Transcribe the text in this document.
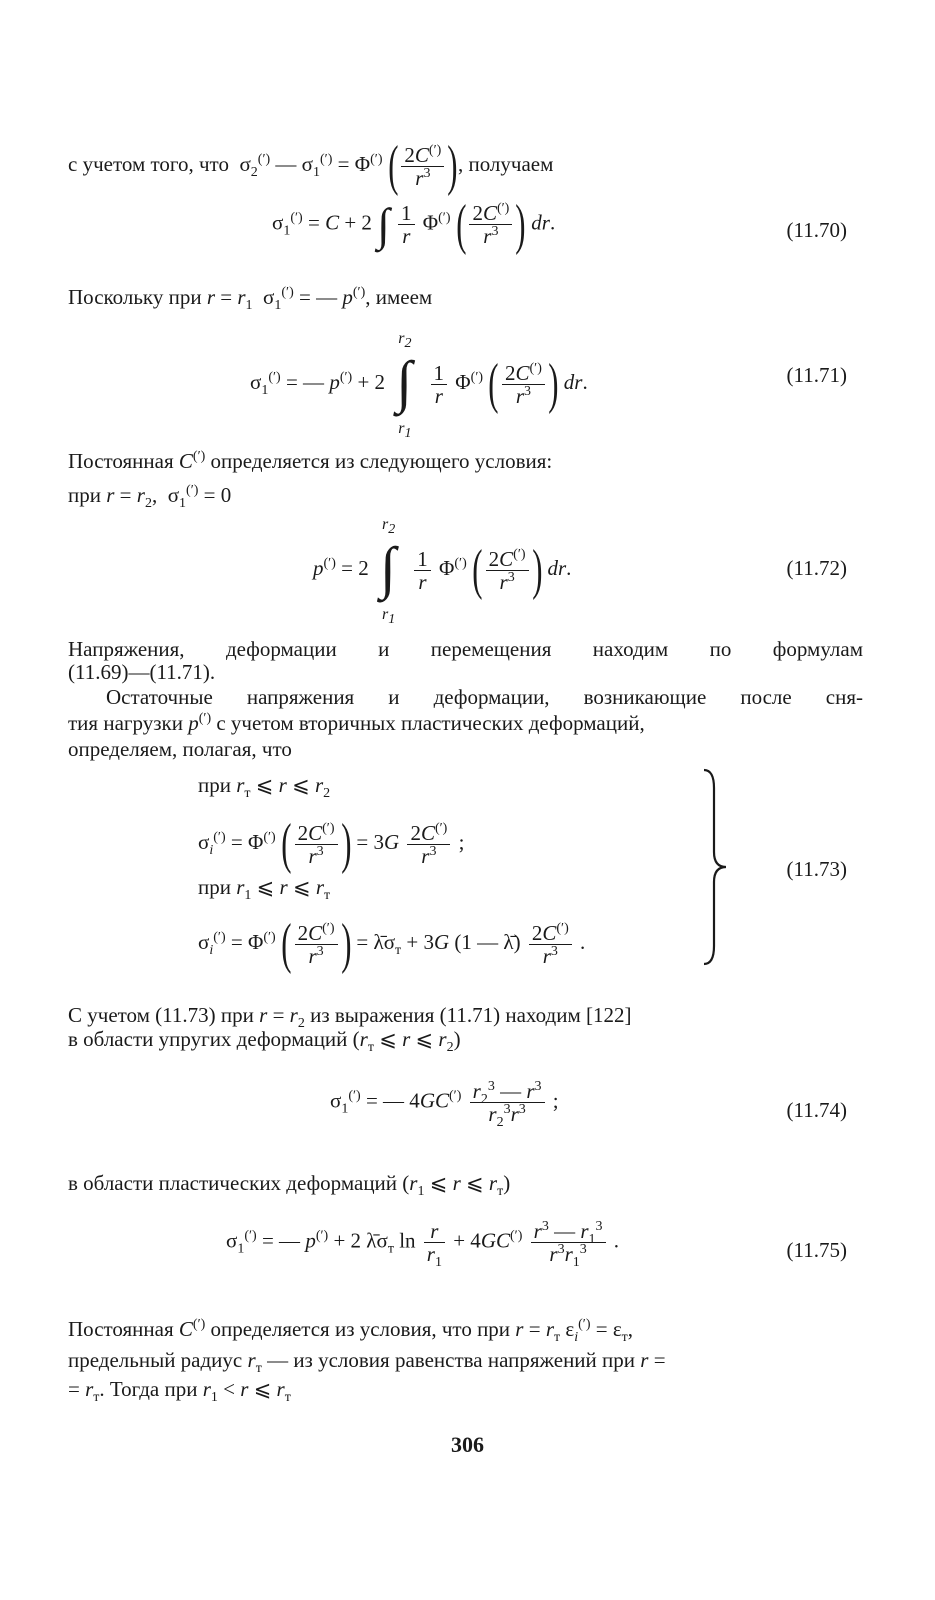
с учетом того, что  $\sigma_2^{(')}$ — $\sigma_1^{(')} = \Phi^{(')}$ ( $\frac{2C^{(')}}{r^3}$ ), получаем
$\sigma_1^{(')} = C + 2$ ∫ $\frac{1}{r} \Phi^{(')}$ ( $\frac{2C^{(')}}{r^3}$ ) dr.	(11.70)
Поскольку при $r = r_1$  $\sigma_1^{(')}$ = — p(′), имеем
$\sigma_1^{(')}$ = — p(′) + 2
$r_2$
∫
$r_1$

$\frac{1}{r} \Phi^{(')}$ ( $\frac{2C^{(')}}{r^3}$ ) dr.	(11.71)
Постоянная C(′) определяется из следующего условия:
при $r = r_2$,  $\sigma_1^{(')} = 0$
p(′) = 2
$r_2$
∫
$r_1$

$\frac{1}{r} \Phi^{(')}$ ( $\frac{2C^{(')}}{r^3}$ ) dr.	(11.72)
Напряжения, деформации и перемещения находим по формулам
(11.69)—(11.71).
Остаточные напряжения и деформации, возникающие после сня-
тия нагрузки p(′) с учетом вторичных пластических деформаций,
определяем, полагая, что
при $r_т$ ⩽ r ⩽ $r_2$
$\sigma_i^{(')} = \Phi^{(')}$ ( $\frac{2C^{(')}}{r^3}$ ) = $3G \frac{2C^{(')}}{r^3}$ ;
при $r_1$ ⩽ r ⩽ $r_т$
$\sigma_i^{(')} = \Phi^{(')}$ ( $\frac{2C^{(')}}{r^3}$ ) = $\lambdā\sigma_т + 3G$ (1 — λ̄) $\frac{2C^{(')}}{r^3}$ .
(11.73)
С учетом (11.73) при $r = r_2$ из выражения (11.71) находим [122]
в области упругих деформаций ($r_т$ ⩽ r ⩽ $r_2$)
$\sigma_1^{(')}$ = — $4GC^{(')} \frac{r_2^3 — r^3}{r_2^3r^3}$ ;	(11.74)
в области пластических деформаций ($r_1$ ⩽ r ⩽ $r_т$)
$\sigma_1^{(')}$ = — p(′) + 2 $\lambdā\sigma_т$ $\ln \frac{r}{r_1} + 4GC^{(')} \frac{r^3 — r_1^3}{r^3r_1^3}$ .	(11.75)
Постоянная C(′) определяется из условия, что при $r = r_т$ $\varepsilon_i^{(')} = \varepsilon_т$,
предельный радиус $r_т$ — из условия равенства напряжений при r =
= $r_т$. Тогда при $r_1 < r$ ⩽ $r_т$
306
